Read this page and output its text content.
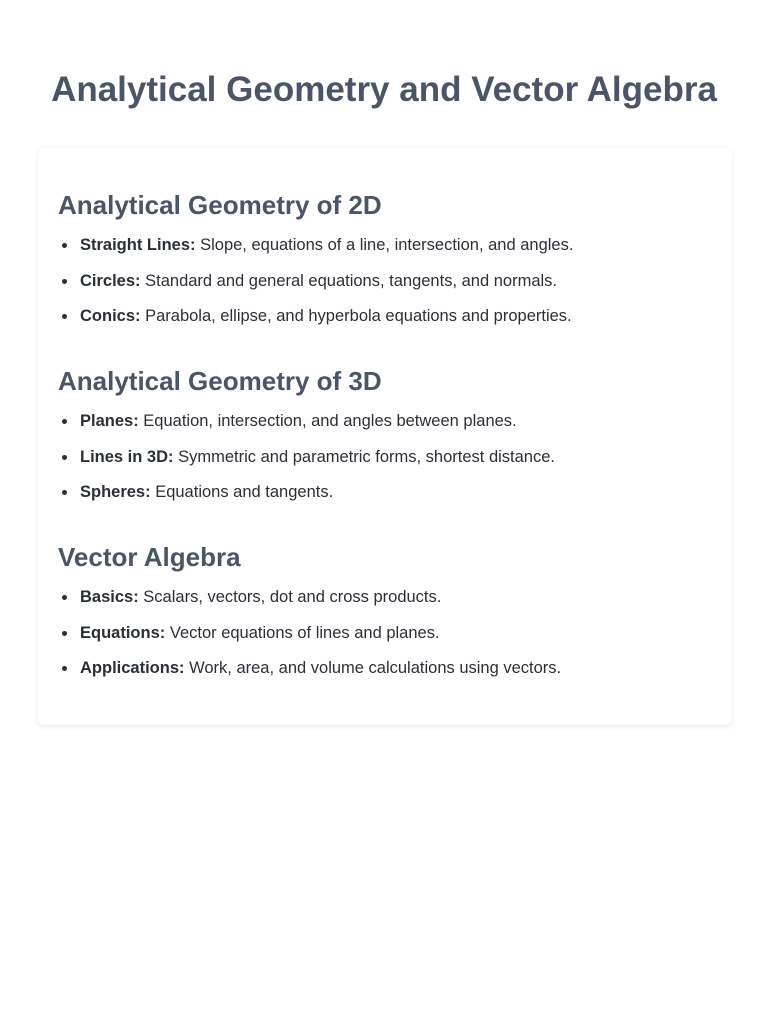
Analytical Geometry and Vector Algebra
Analytical Geometry of 2D
Straight Lines: Slope, equations of a line, intersection, and angles.
Circles: Standard and general equations, tangents, and normals.
Conics: Parabola, ellipse, and hyperbola equations and properties.
Analytical Geometry of 3D
Planes: Equation, intersection, and angles between planes.
Lines in 3D: Symmetric and parametric forms, shortest distance.
Spheres: Equations and tangents.
Vector Algebra
Basics: Scalars, vectors, dot and cross products.
Equations: Vector equations of lines and planes.
Applications: Work, area, and volume calculations using vectors.
